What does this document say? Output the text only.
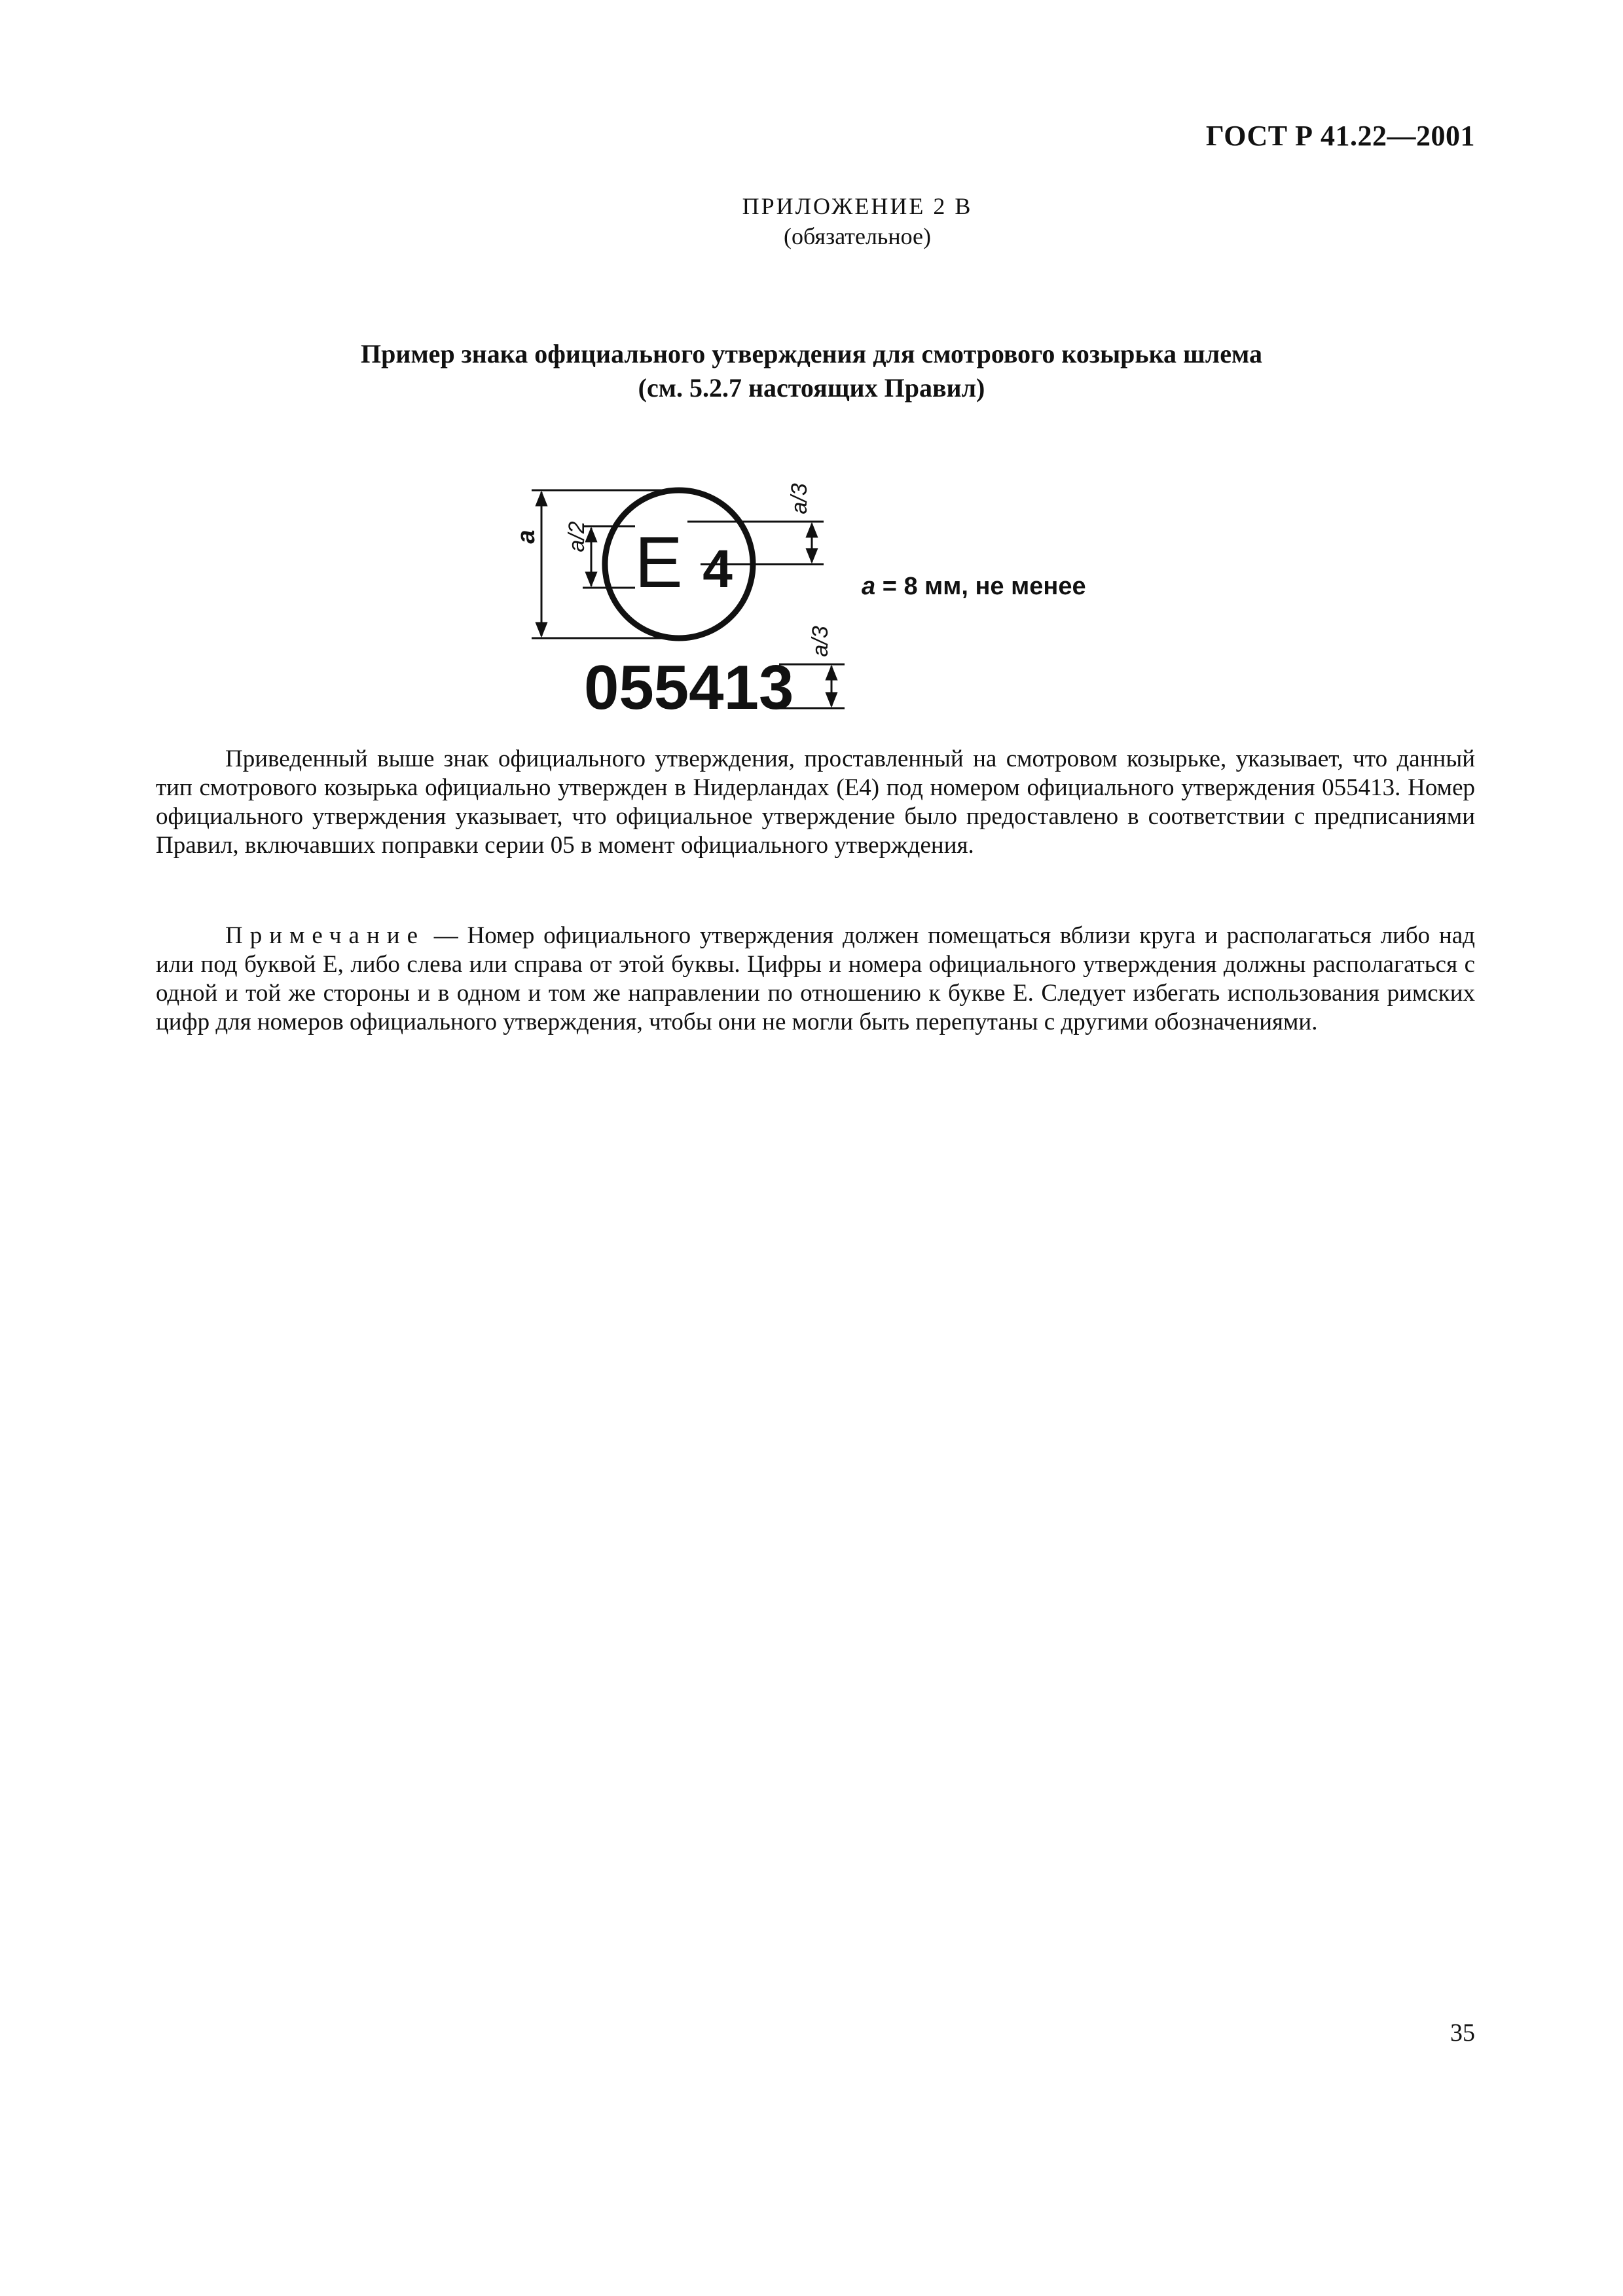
ГОСТ Р 41.22—2001
ПРИЛОЖЕНИЕ 2 В
(обязательное)
Пример знака официального утверждения для смотрового козырька шлема
(см. 5.2.7 настоящих Правил)
E 4
a a/2
a/3
a = 8 мм, не менее
055413
a/3

Приведенный выше знак официального утверждения, проставленный на смотровом козырьке, указывает, что данный тип смотрового козырька официально утвержден в Нидерландах (E4) под номером официального утверждения 055413. Номер официального утверждения указывает, что официальное утверждение было предоставлено в соответствии с предписаниями Правил, включавших поправки серии 05 в момент официального утверждения.

Примечание — Номер официального утверждения должен помещаться вблизи круга и располагаться либо над или под буквой E, либо слева или справа от этой буквы. Цифры и номера официального утверждения должны располагаться с одной и той же стороны и в одном и том же направлении по отношению к букве E. Следует избегать использования римских цифр для номеров официального утверждения, чтобы они не могли быть перепутаны с другими обозначениями.

35
